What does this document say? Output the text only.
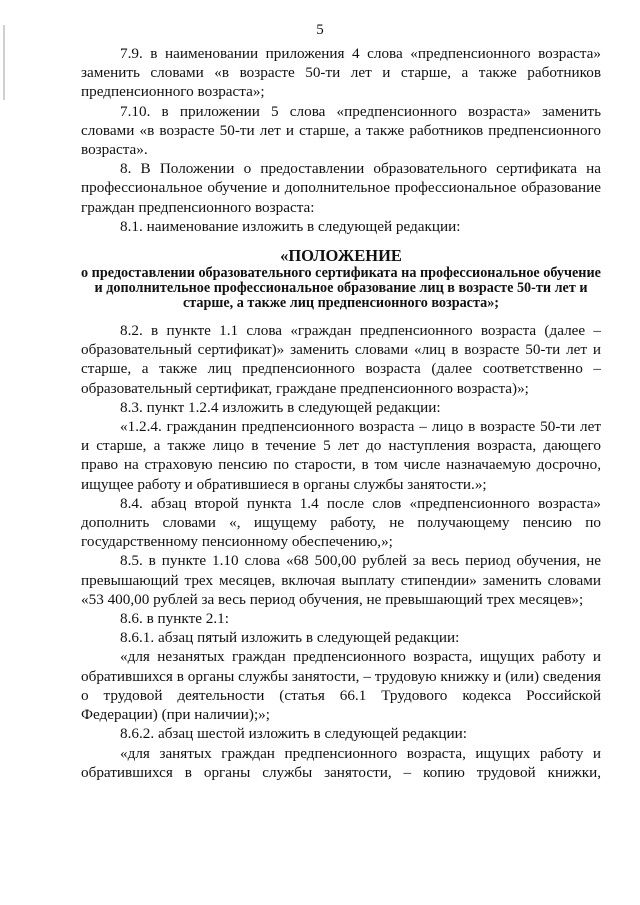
5

7.9. в наименовании приложения 4 слова «предпенсионного возраста» заменить словами «в возрасте 50-ти лет и старше, а также работников предпенсионного возраста»;

7.10. в приложении 5 слова «предпенсионного возраста» заменить словами «в возрасте 50-ти лет и старше, а также работников предпенсионного возраста».

8. В Положении о предоставлении образовательного сертификата на профессиональное обучение и дополнительное профессиональное образование граждан предпенсионного возраста:

8.1. наименование изложить в следующей редакции:

«ПОЛОЖЕНИЕ
о предоставлении образовательного сертификата на профессиональное обучение и дополнительное профессиональное образование лиц в возрасте 50-ти лет и старше, а также лиц предпенсионного возраста»;

8.2. в пункте 1.1 слова «граждан предпенсионного возраста (далее – образовательный сертификат)» заменить словами «лиц в возрасте 50-ти лет и старше, а также лиц предпенсионного возраста (далее соответственно – образовательный сертификат, граждане предпенсионного возраста)»;

8.3. пункт 1.2.4 изложить в следующей редакции:

«1.2.4. гражданин предпенсионного возраста – лицо в возрасте 50-ти лет и старше, а также лицо в течение 5 лет до наступления возраста, дающего право на страховую пенсию по старости, в том числе назначаемую досрочно, ищущее работу и обратившиеся в органы службы занятости.»;

8.4. абзац второй пункта 1.4 после слов «предпенсионного возраста» дополнить словами «, ищущему работу, не получающему пенсию по государственному пенсионному обеспечению,»;

8.5. в пункте 1.10 слова «68 500,00 рублей за весь период обучения, не превышающий трех месяцев, включая выплату стипендии» заменить словами «53 400,00 рублей за весь период обучения, не превышающий трех месяцев»;

8.6. в пункте 2.1:

8.6.1. абзац пятый изложить в следующей редакции:

«для незанятых граждан предпенсионного возраста, ищущих работу и обратившихся в органы службы занятости, – трудовую книжку и (или) сведения о трудовой деятельности (статья 66.1 Трудового кодекса Российской Федерации) (при наличии);»;

8.6.2. абзац шестой изложить в следующей редакции:

«для занятых граждан предпенсионного возраста, ищущих работу и обратившихся в органы службы занятости, – копию трудовой книжки,
